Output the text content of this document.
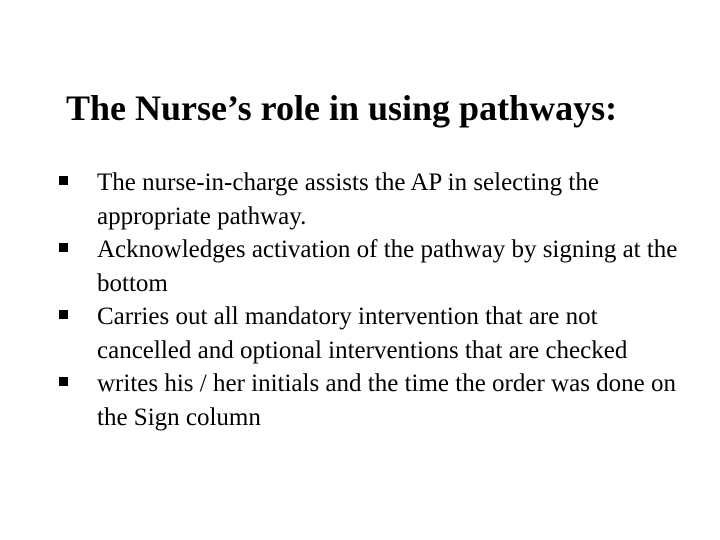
The Nurse’s role in using pathways:
The nurse-in-charge assists the AP in selecting the appropriate pathway.
Acknowledges activation of the pathway by signing at the bottom
Carries out all mandatory intervention that are not cancelled and optional interventions that are checked
writes his / her initials and the time the order was done on the Sign column
